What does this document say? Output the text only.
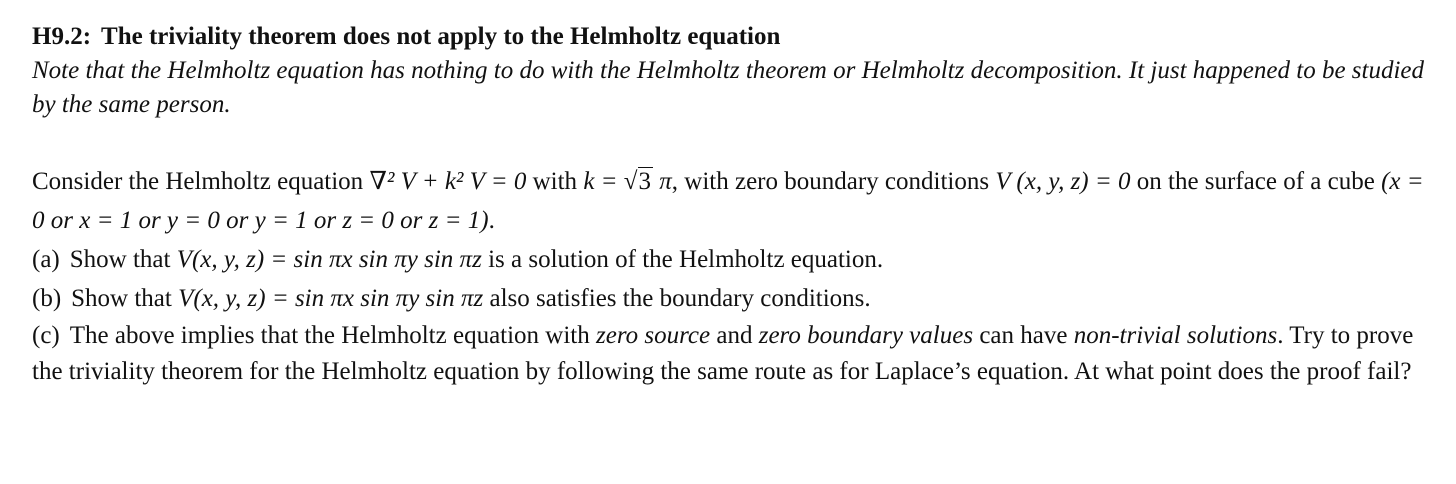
H9.2: The triviality theorem does not apply to the Helmholtz equation

Note that the Helmholtz equation has nothing to do with the Helmholtz theorem or Helmholtz decomposition. It just happened to be studied by the same person.

Consider the Helmholtz equation ∇² V + k² V = 0 with k = √3 π, with zero boundary conditions V (x, y, z) = 0 on the surface of a cube (x = 0 or x = 1 or y = 0 or y = 1 or z = 0 or z = 1).

(a) Show that V(x, y, z) = sin πx sin πy sin πz is a solution of the Helmholtz equation.

(b) Show that V(x, y, z) = sin πx sin πy sin πz also satisfies the boundary conditions.

(c) The above implies that the Helmholtz equation with zero source and zero boundary values can have non-trivial solutions. Try to prove the triviality theorem for the Helmholtz equation by following the same route as for Laplace’s equation. At what point does the proof fail?
